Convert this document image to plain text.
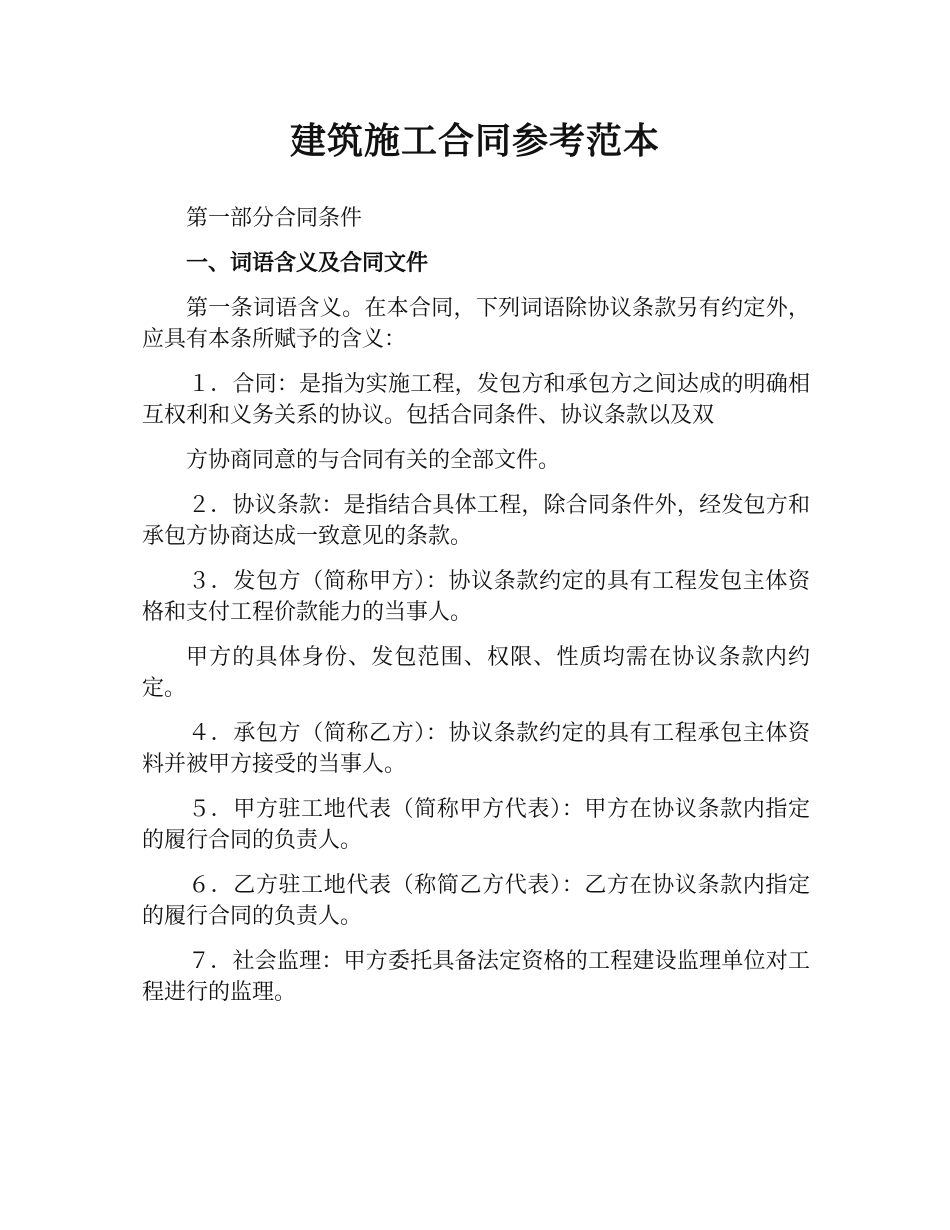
建筑施工合同参考范本

第一部分合同条件

一、词语含义及合同文件

第一条词语含义。在本合同，下列词语除协议条款另有约定外，应具有本条所赋予的含义：

１．合同：是指为实施工程，发包方和承包方之间达成的明确相互权利和义务关系的协议。包括合同条件、协议条款以及双

方协商同意的与合同有关的全部文件。

２．协议条款：是指结合具体工程，除合同条件外，经发包方和承包方协商达成一致意见的条款。

３．发包方（简称甲方）：协议条款约定的具有工程发包主体资格和支付工程价款能力的当事人。

甲方的具体身份、发包范围、权限、性质均需在协议条款内约定。

４．承包方（简称乙方）：协议条款约定的具有工程承包主体资料并被甲方接受的当事人。

５．甲方驻工地代表（简称甲方代表）：甲方在协议条款内指定的履行合同的负责人。

６．乙方驻工地代表（称简乙方代表）：乙方在协议条款内指定的履行合同的负责人。

７．社会监理：甲方委托具备法定资格的工程建设监理单位对工程进行的监理。
